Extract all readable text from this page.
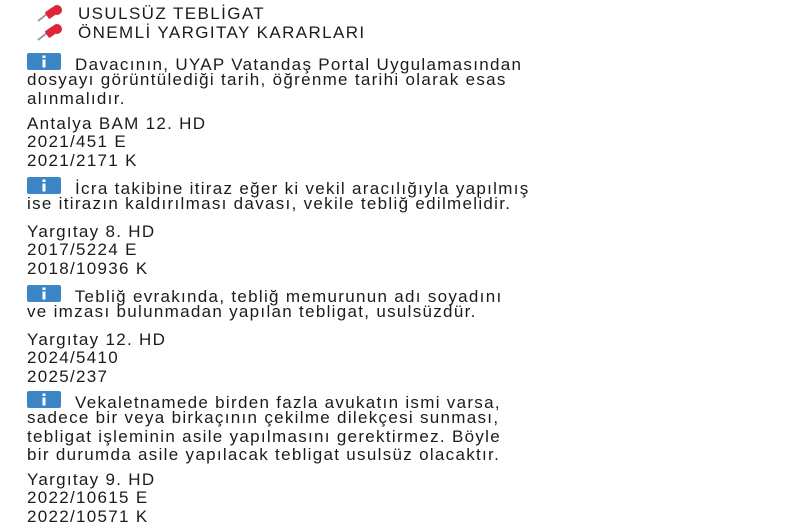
USULSÜZ TEBLİGAT
ÖNEMLİ YARGITAY KARARLARI
Davacının, UYAP Vatandaş Portal Uygulamasından
dosyayı görüntülediği tarih, öğrenme tarihi olarak esas
alınmalıdır.
Antalya BAM 12. HD
2021/451 E
2021/2171 K
İcra takibine itiraz eğer ki vekil aracılığıyla yapılmış
ise itirazın kaldırılması davası, vekile tebliğ edilmelidir.
Yargıtay 8. HD
2017/5224 E
2018/10936 K
Tebliğ evrakında, tebliğ memurunun adı soyadını
ve imzası bulunmadan yapılan tebligat, usulsüzdür.
Yargıtay 12. HD
2024/5410
2025/237
Vekaletnamede birden fazla avukatın ismi varsa,
sadece bir veya birkaçının çekilme dilekçesi sunması,
tebligat işleminin asile yapılmasını gerektirmez. Böyle
bir durumda asile yapılacak tebligat usulsüz olacaktır.
Yargıtay 9. HD
2022/10615 E
2022/10571 K
